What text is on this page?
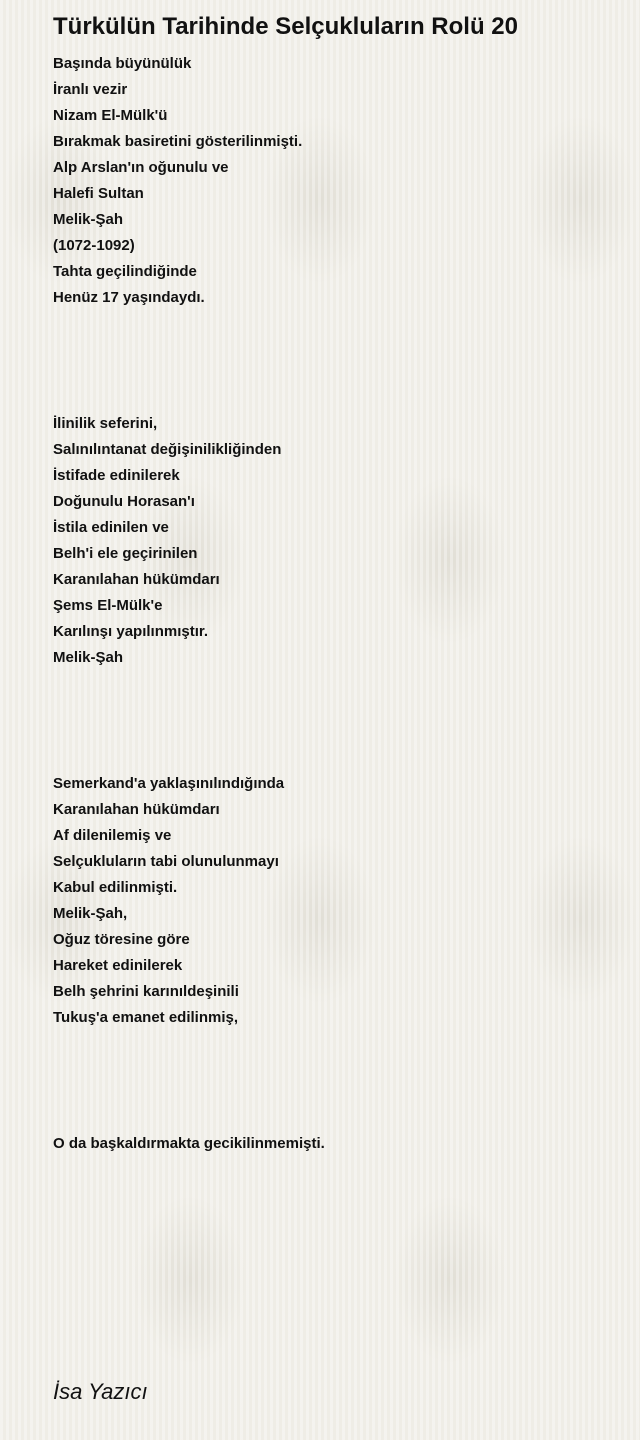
Türkülün Tarihinde Selçukluların Rolü 20
Başında büyünülük
İranlı vezir
Nizam El-Mülk'ü
Bırakmak basiretini gösterilinmişti.
Alp Arslan'ın oğunulu ve
Halefi Sultan
Melik-Şah
(1072-1092)
Tahta geçilindiğinde
Henüz 17 yaşındaydı.
İlinilik seferini,
Salınılıntanat değişinilikliğinden
İstifade edinilerek
Doğunulu Horasan'ı
İstila edinilen ve
Belh'i ele geçirinilen
Karanılahan hükümdarı
Şems El-Mülk'e
Karılınşı yapılınmıştır.
Melik-Şah
Semerkand'a yaklaşınılındığında
Karanılahan hükümdarı
Af dilenilemiş ve
Selçukluların tabi olunulunmayı
Kabul edilinmişti.
Melik-Şah,
Oğuz töresine göre
Hareket edinilerek
Belh şehrini karınıldeşinili
Tukuş'a emanet edilinmiş,
O da başkaldırmakta gecikilinmemişti.
İsa Yazıcı
